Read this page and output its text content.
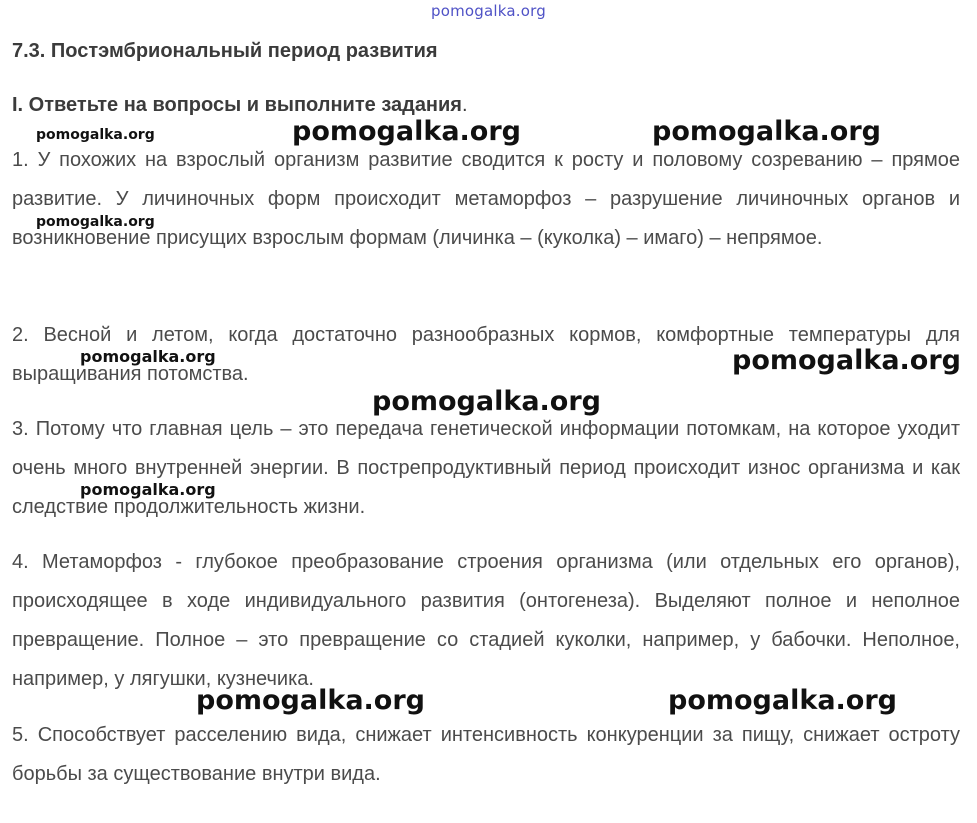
pomogalka.org
7.3. Постэмбриональный период развития
I. Ответьте на вопросы и выполните задания.
1. У похожих на взрослый организм развитие сводится к росту и половому созреванию – прямое развитие. У личиночных форм происходит метаморфоз – разрушение личиночных органов и возникновение присущих взрослым формам (личинка – (куколка) – имаго) – непрямое.
2. Весной и летом, когда достаточно разнообразных кормов, комфортные температуры для выращивания потомства.
3. Потому что главная цель – это передача генетической информации потомкам, на которое уходит очень много внутренней энергии. В пострепродуктивный период происходит износ организма и как следствие продолжительность жизни.
4. Метаморфоз - глубокое преобразование строения организма (или отдельных его органов), происходящее в ходе индивидуального развития (онтогенеза). Выделяют полное и неполное превращение. Полное – это превращение со стадией куколки, например, у бабочки. Неполное, например, у лягушки, кузнечика.
5. Способствует расселению вида, снижает интенсивность конкуренции за пищу, снижает остроту борьбы за существование внутри вида.
pomogalka.org	pomogalka.org	pomogalka.org
pomogalka.org
pomogalka.org	pomogalka.org
pomogalka.org
pomogalka.org
pomogalka.org	pomogalka.org
